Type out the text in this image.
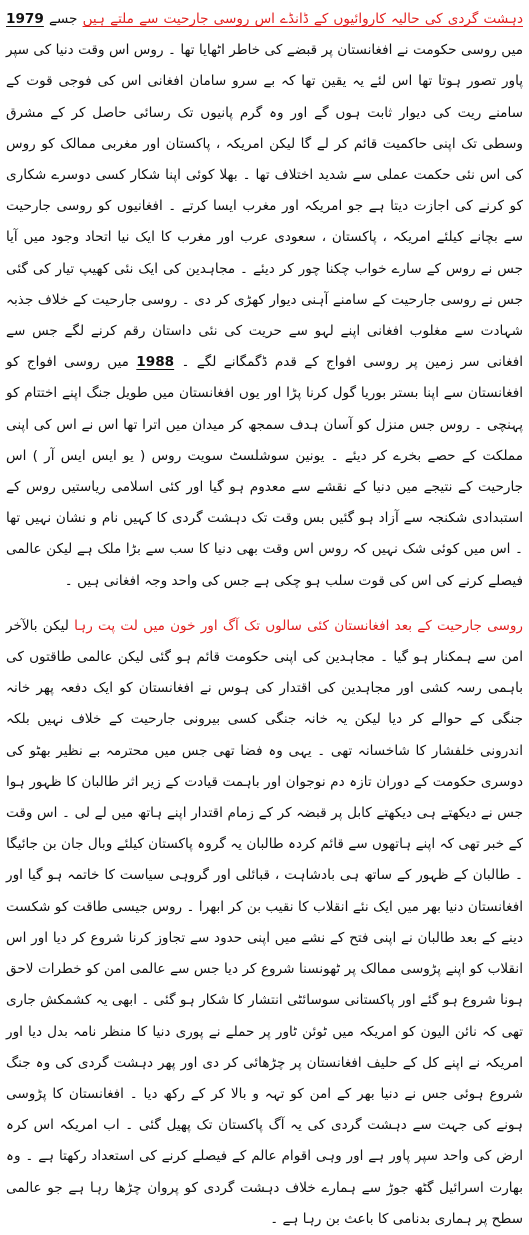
دہشت گردی کی حالیہ کاروائیوں کے ڈانڈے اس روسی جارحیت سے ملتے ہیں جسے 1979 میں روسی حکومت نے افغانستان پر قبضے کی خاطر اٹھایا تھا ۔ روس اس وقت دنیا کی سپر پاور تصور ہوتا تھا اس لئے یہ یقین تھا کہ بے سرو سامان افغانی اس کی فوجی قوت کے سامنے ریت کی دیوار ثابت ہوں گے اور وہ گرم پانیوں تک رسائی حاصل کر کے مشرق وسطی تک اپنی حاکمیت قائم کر لے گا لیکن امریکہ ، پاکستان اور مغربی ممالک کو روس کی اس نئی حکمت عملی سے شدید اختلاف تھا ۔ بھلا کوئی اپنا شکار کسی دوسرے شکاری کو کرنے کی اجازت دیتا ہے جو امریکہ اور مغرب ایسا کرتے ۔ افغانیوں کو روسی جارحیت سے بچانے کیلئے امریکہ ، پاکستان ، سعودی عرب اور مغرب کا ایک نیا اتحاد وجود میں آیا جس نے روس کے سارے خواب چکنا چور کر دیئے ۔ مجاہدین کی ایک نئی کھیپ تیار کی گئی جس نے روسی جارحیت کے سامنے آہنی دیوار کھڑی کر دی ۔ روسی جارحیت کے خلاف جذبہ شہادت سے مغلوب افغانی اپنے لہو سے حریت کی نئی داستان رقم کرنے لگے جس سے افغانی سر زمین پر روسی افواج کے قدم ڈگمگانے لگے ۔ 1988 میں روسی افواج کو افغانستان سے اپنا بستر بوریا گول کرنا پڑا اور یوں افغانستان میں طویل جنگ اپنے اختتام کو پہنچی ۔ روس جس منزل کو آسان ہدف سمجھ کر میدان میں اترا تھا اس نے اس کی اپنی مملکت کے حصے بخرے کر دیئے ۔ یونین سوشلسٹ سویت روس ( یو ایس ایس آر ) اس جارحیت کے نتیجے میں دنیا کے نقشے سے معدوم ہو گیا اور کئی اسلامی ریاستیں روس کے استبدادی شکنجہ سے آزاد ہو گئیں بس وقت تک دہشت گردی کا کہیں نام و نشان نہیں تھا ۔ اس میں کوئی شک نہیں کہ روس اس وقت بھی دنیا کا سب سے بڑا ملک ہے لیکن عالمی فیصلے کرنے کی اس کی قوت سلب ہو چکی ہے جس کی واحد وجہ افغانی ہیں ۔

روسی جارحیت کے بعد افغانستان کئی سالوں تک آگ اور خون میں لت پت رہا لیکن بالآخر امن سے ہمکنار ہو گیا ۔ مجاہدین کی اپنی حکومت قائم ہو گئی لیکن عالمی طاقتوں کی باہمی رسہ کشی اور مجاہدین کی اقتدار کی ہوس نے افغانستان کو ایک دفعہ پھر خانہ جنگی کے حوالے کر دیا لیکن یہ خانہ جنگی کسی بیرونی جارحیت کے خلاف نہیں بلکہ اندرونی خلفشار کا شاخسانہ تھی ۔ یہی وہ فضا تھی جس میں محترمہ بے نظیر بھٹو کی دوسری حکومت کے دوران تازہ دم نوجوان اور باہمت قیادت کے زیر اثر طالبان کا ظہور ہوا جس نے دیکھتے ہی دیکھتے کابل پر قبضہ کر کے زمام اقتدار اپنے ہاتھ میں لے لی ۔ اس وقت کے خبر تھی کہ اپنے ہاتھوں سے قائم کردہ طالبان یہ گروہ پاکستان کیلئے وبال جان بن جائیگا ۔ طالبان کے ظہور کے ساتھ ہی بادشاہت ، قبائلی اور گروہی سیاست کا خاتمہ ہو گیا اور افغانستان دنیا بھر میں ایک نئے انقلاب کا نقیب بن کر ابھرا ۔ روس جیسی طاقت کو شکست دینے کے بعد طالبان نے اپنی فتح کے نشے میں اپنی حدود سے تجاوز کرنا شروع کر دیا اور اس انقلاب کو اپنے پڑوسی ممالک پر ٹھونسنا شروع کر دیا جس سے عالمی امن کو خطرات لاحق ہونا شروع ہو گئے اور پاکستانی سوسائٹی انتشار کا شکار ہو گئی ۔ ابھی یہ کشمکش جاری تھی کہ نائن الیون کو امریکہ میں ٹوئن ٹاور پر حملے نے پوری دنیا کا منظر نامہ بدل دیا اور امریکہ نے اپنے کل کے حلیف افغانستان پر چڑھائی کر دی اور پھر دہشت گردی کی وہ جنگ شروع ہوئی جس نے دنیا بھر کے امن کو تہہ و بالا کر کے رکھ دیا ۔ افغانستان کا پڑوسی ہونے کی جہت سے دہشت گردی کی یہ آگ پاکستان تک پھیل گئی ۔ اب امریکہ اس کرہ ارض کی واحد سپر پاور ہے اور وہی اقوام عالم کے فیصلے کرنے کی استعداد رکھتا ہے ۔ وہ بھارت اسرائیل گٹھ جوڑ سے ہمارے خلاف دہشت گردی کو پروان چڑھا رہا ہے جو عالمی سطح پر ہماری بدنامی کا باعث بن رہا ہے ۔
